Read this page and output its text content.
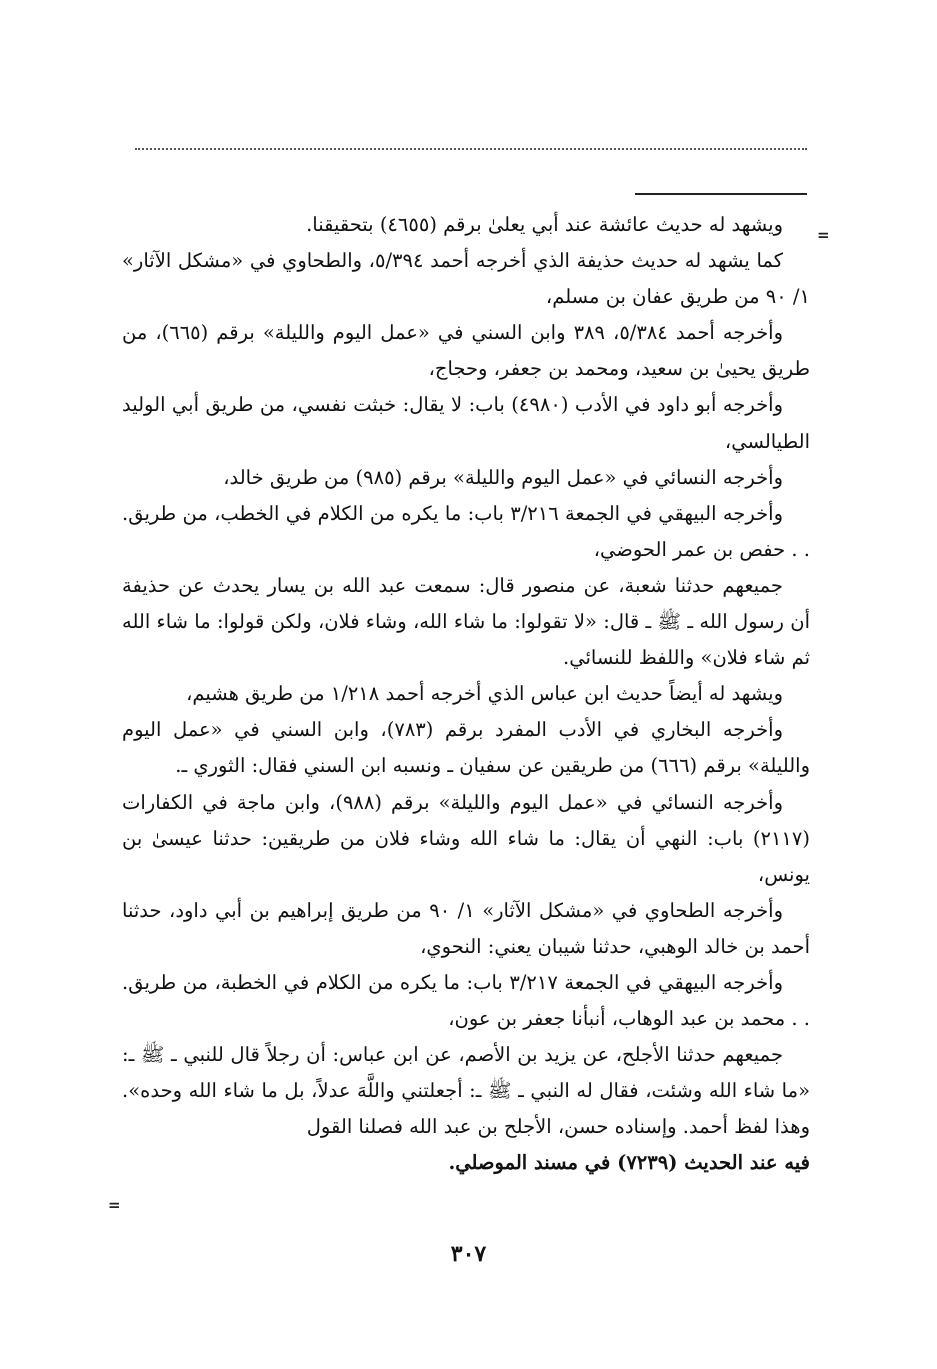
=

ويشهد له حديث عائشة عند أبي يعلىٰ برقم (٤٦٥٥) بتحقيقنا.

كما يشهد له حديث حذيفة الذي أخرجه أحمد ٥/٣٩٤، والطحاوي في «مشكل الآثار» ١/ ٩٠ من طريق عفان بن مسلم،

وأخرجه أحمد ٥/٣٨٤، ٣٨٩ وابن السني في «عمل اليوم والليلة» برقم (٦٦٥)، من طريق يحيىٰ بن سعيد، ومحمد بن جعفر، وحجاج،

وأخرجه أبو داود في الأدب (٤٩٨٠) باب: لا يقال: خبثت نفسي، من طريق أبي الوليد الطيالسي،

وأخرجه النسائي في «عمل اليوم والليلة» برقم (٩٨٥) من طريق خالد،

وأخرجه البيهقي في الجمعة ٣/٢١٦ باب: ما يكره من الكلام في الخطب، من طريق. . . حفص بن عمر الحوضي،

جميعهم حدثنا شعبة، عن منصور قال: سمعت عبد الله بن يسار يحدث عن حذيفة أن رسول الله ـ ﷺ ـ قال: «لا تقولوا: ما شاء الله، وشاء فلان، ولكن قولوا: ما شاء الله ثم شاء فلان» واللفظ للنسائي.

ويشهد له أيضاً حديث ابن عباس الذي أخرجه أحمد ١/٢١٨ من طريق هشيم،

وأخرجه البخاري في الأدب المفرد برقم (٧٨٣)، وابن السني في «عمل اليوم والليلة» برقم (٦٦٦) من طريقين عن سفيان ـ ونسبه ابن السني فقال: الثوري ـ.

وأخرجه النسائي في «عمل اليوم والليلة» برقم (٩٨٨)، وابن ماجة في الكفارات (٢١١٧) باب: النهي أن يقال: ما شاء الله وشاء فلان من طريقين: حدثنا عيسىٰ بن يونس،

وأخرجه الطحاوي في «مشكل الآثار» ١/ ٩٠ من طريق إبراهيم بن أبي داود، حدثنا أحمد بن خالد الوهبي، حدثنا شيبان يعني: النحوي،

وأخرجه البيهقي في الجمعة ٣/٢١٧ باب: ما يكره من الكلام في الخطبة، من طريق. . . محمد بن عبد الوهاب، أنبأنا جعفر بن عون،

جميعهم حدثنا الأجلح، عن يزيد بن الأصم، عن ابن عباس: أن رجلاً قال للنبي ـ ﷺ ـ: «ما شاء الله وشئت، فقال له النبي ـ ﷺ ـ: أجعلتني واللَّهَ عدلاً، بل ما شاء الله وحده». وهذا لفظ أحمد. وإسناده حسن، الأجلح بن عبد الله فصلنا القول

فيه عند الحديث (٧٢٣٩) في مسند الموصلي.

=
٣٠٧
